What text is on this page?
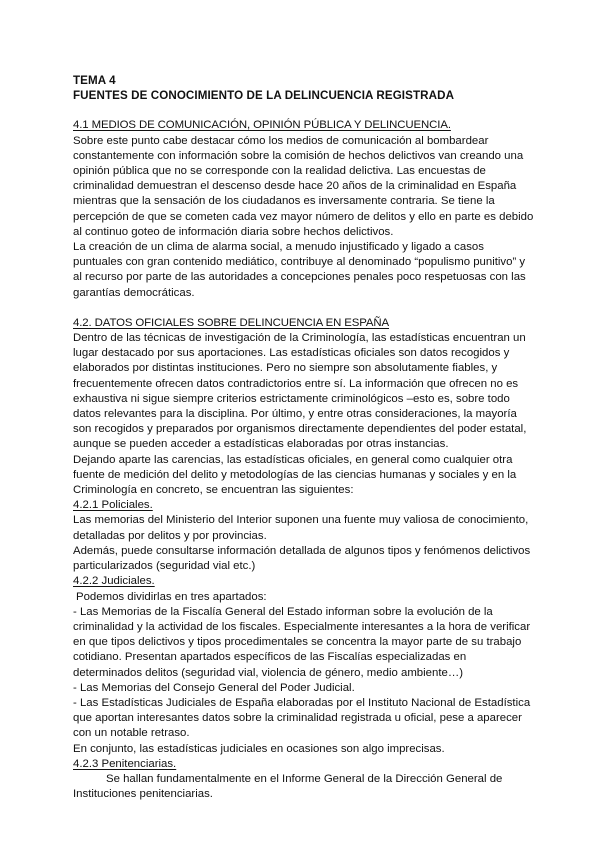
TEMA 4
FUENTES DE CONOCIMIENTO DE LA DELINCUENCIA REGISTRADA
4.1 MEDIOS DE COMUNICACIÓN, OPINIÓN PÚBLICA Y DELINCUENCIA.

Sobre este punto cabe destacar cómo los medios de comunicación al bombardear constantemente con información sobre la comisión de hechos delictivos van creando una opinión pública que no se corresponde con la realidad delictiva. Las encuestas de criminalidad demuestran el descenso desde hace 20 años de la criminalidad en España mientras que la sensación de los ciudadanos es inversamente contraria. Se tiene la percepción de que se cometen cada vez mayor número de delitos y ello en parte es debido al continuo goteo de información diaria sobre hechos delictivos.

La creación de un clima de alarma social, a menudo injustificado y ligado a casos puntuales con gran contenido mediático, contribuye al denominado “populismo punitivo” y al recurso por parte de las autoridades a concepciones penales poco respetuosas con las garantías democráticas.

4.2. DATOS OFICIALES SOBRE DELINCUENCIA EN ESPAÑA

Dentro de las técnicas de investigación de la Criminología, las estadísticas encuentran un lugar destacado por sus aportaciones. Las estadísticas oficiales son datos recogidos y elaborados por distintas instituciones. Pero no siempre son absolutamente fiables, y frecuentemente ofrecen datos contradictorios entre sí. La información que ofrecen no es exhaustiva ni sigue siempre criterios estrictamente criminológicos –esto es, sobre todo datos relevantes para la disciplina. Por último, y entre otras consideraciones, la mayoría son recogidos y preparados por organismos directamente dependientes del poder estatal, aunque se pueden acceder a estadísticas elaboradas por otras instancias.

Dejando aparte las carencias, las estadísticas oficiales, en general como cualquier otra fuente de medición del delito y metodologías de las ciencias humanas y sociales y en la Criminología en concreto, se encuentran las siguientes:

4.2.1 Policiales.

Las memorias del Ministerio del Interior suponen una fuente muy valiosa de conocimiento, detalladas por delitos y por provincias.

Además, puede consultarse información detallada de algunos tipos y fenómenos delictivos particularizados (seguridad vial etc.)

4.2.2 Judiciales.

Podemos dividirlas en tres apartados:

- Las Memorias de la Fiscalía General del Estado informan sobre la evolución de la criminalidad y la actividad de los fiscales. Especialmente interesantes a la hora de verificar en que tipos delictivos y tipos procedimentales se concentra la mayor parte de su trabajo cotidiano. Presentan apartados específicos de las Fiscalías especializadas en determinados delitos (seguridad vial, violencia de género, medio ambiente…)

- Las Memorias del Consejo General del Poder Judicial.

- Las Estadísticas Judiciales de España elaboradas por el Instituto Nacional de Estadística que aportan interesantes datos sobre la criminalidad registrada u oficial, pese a aparecer con un notable retraso.

En conjunto, las estadísticas judiciales en ocasiones son algo imprecisas.

4.2.3 Penitenciarias.

Se hallan fundamentalmente en el Informe General de la Dirección General de Instituciones penitenciarias.
